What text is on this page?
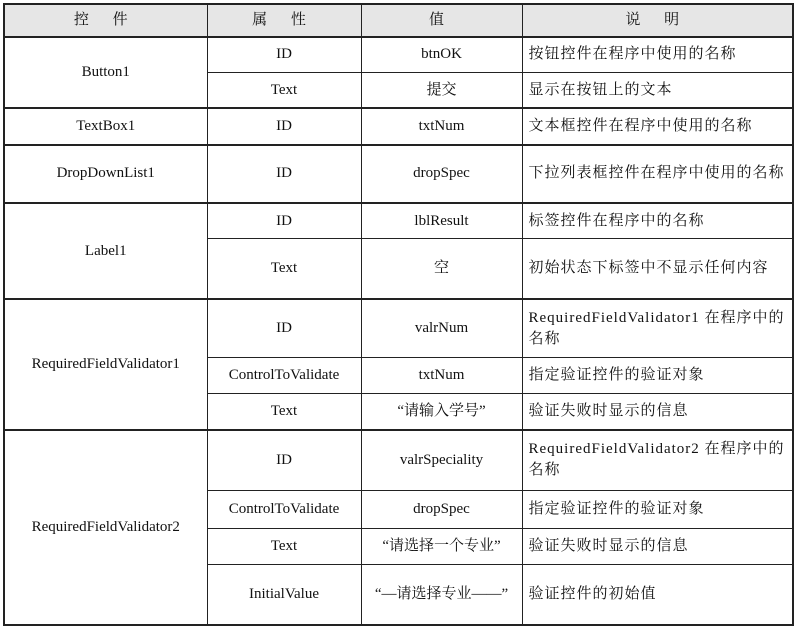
控 件	属 性	值	说 明
Button1	ID	btnOK	按钮控件在程序中使用的名称
	Text	提交	显示在按钮上的文本
TextBox1	ID	txtNum	文本框控件在程序中使用的名称
DropDownList1	ID	dropSpec	下拉列表框控件在程序中使用的名称
Label1	ID	lblResult	标签控件在程序中的名称
	Text	空	初始状态下标签中不显示任何内容
RequiredFieldValidator1	ID	valrNum	RequiredFieldValidator1 在程序中的名称
	ControlToValidate	txtNum	指定验证控件的验证对象
	Text	“请输入学号”	验证失败时显示的信息
RequiredFieldValidator2	ID	valrSpeciality	RequiredFieldValidator2 在程序中的名称
	ControlToValidate	dropSpec	指定验证控件的验证对象
	Text	“请选择一个专业”	验证失败时显示的信息
	InitialValue	“—请选择专业——”	验证控件的初始值
